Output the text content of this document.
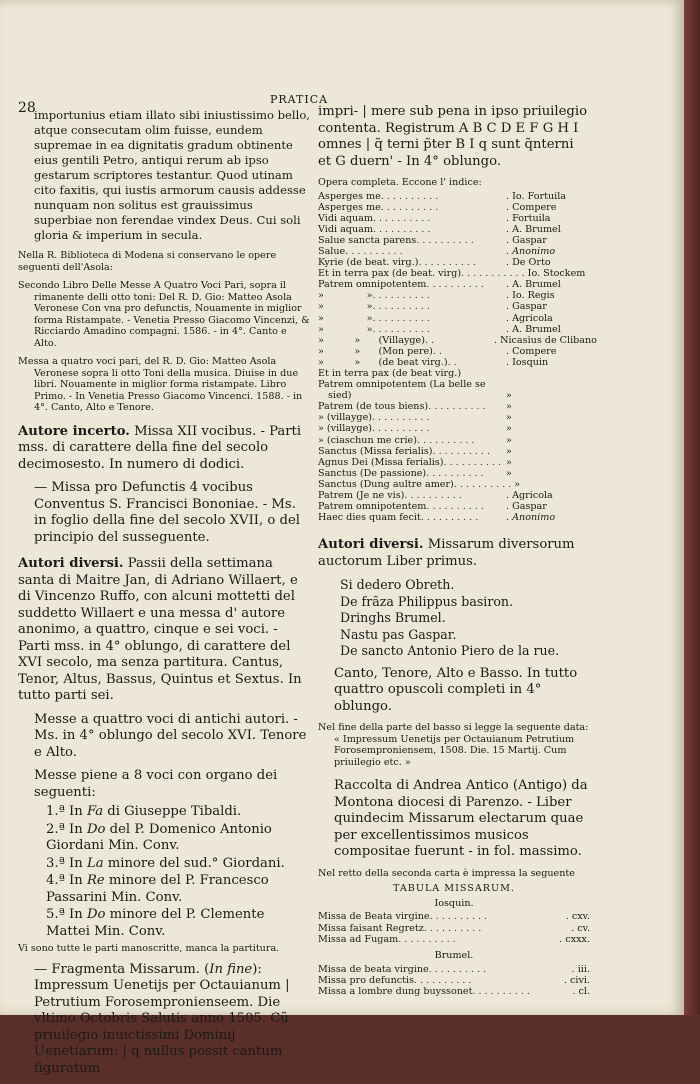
28
PRATICA

importunius etiam illato sibi iniustissimo bello, atque consecutam olim fuisse, eundem supremae in ea dignitatis gradum obtinente eius gentili Petro, antiqui rerum ab ipso gestarum scriptores testantur. Quod utinam cito faxitis, qui iustis armorum causis addesse nunquam non solitus est grauissimus superbiae non ferendae vindex Deus. Cui soli gloria & imperium in secula.

Nella R. Biblioteca di Modena si conservano le opere seguenti dell'Asola:

Secondo Libro Delle Messe A Quatro Voci Pari, sopra il rimanente delli otto toni: Del R. D. Gio: Matteo Asola Veronese Con vna pro defunctis, Nouamente in miglior forma Ristampate. - Venetia Presso Giacomo Vincenzi, & Ricciardo Amadino compagni. 1586. - in 4°. Canto e Alto.

Messa a quatro voci pari, del R. D. Gio: Matteo Asola Veronese sopra li otto Toni della musica. Diuise in due libri. Nouamente in miglior forma ristampate. Libro Primo. - In Venetia Presso Giacomo Vincenci. 1588. - in 4°. Canto, Alto e Tenore.

Autore incerto. Missa XII vocibus. - Parti mss. di carattere della fine del secolo decimosesto. In numero di dodici.

— Missa pro Defunctis 4 vocibus Conventus S. Francisci Bononiae. - Ms. in foglio della fine del secolo XVII, o del principio del susseguente.

Autori diversi. Passii della settimana santa di Maitre Jan, di Adriano Willaert, e di Vincenzo Ruffo, con alcuni mottetti del suddetto Willaert e una messa d' autore anonimo, a quattro, cinque e sei voci. - Parti mss. in 4° oblungo, di carattere del XVI secolo, ma senza partitura. Cantus, Tenor, Altus, Bassus, Quintus et Sextus. In tutto parti sei.

Messe a quattro voci di antichi autori. - Ms. in 4° oblungo del secolo XVI. Tenore e Alto.

Messe piene a 8 voci con organo dei seguenti:

1.ª In Fa di Giuseppe Tibaldi.
2.ª In Do del P. Domenico Antonio Giordani Min. Conv.
3.ª In La minore del sud.° Giordani.
4.ª In Re minore del P. Francesco Passarini Min. Conv.
5.ª In Do minore del P. Clemente Mattei Min. Conv.

Vi sono tutte le parti manoscritte, manca la partitura.

— Fragmenta Missarum. (In fine): Impressum Uenetijs per Octauianum | Petrutium Forosempronienseem. Die vltimo Octobris Salutis anno 1505. Cũ priuilegio inuictissimi Dominij Uenetiarum: | q nullus possit cantum figuratum

impri- | mere sub pena in ipso priuilegio contenta. Registrum A B C D E F G H I omnes | q̃ terni p̃ter B I q sunt q̃nterni et G duern' - In 4° oblungo.

Opera completa. Eccone l' indice:

Asperges me ..........	. Io. Fortuila
Asperges me ..........	. Compere
Vidi aquam ..........	. Fortuila
Vidi aquam ..........	. A. Brumel
Salue sancta parens ..........	. Gaspar
Salue ..........	. Anonimo
Kyrie (de beat. virg.) ..........	. De Orto
Et in terra pax (de beat. virg) .......... . Io. Stockem
Patrem omnipotentem ..........	. A. Brumel
»              » ..........	. Io. Regis
»              » ..........	. Gaspar
»              » ..........	. Agricola
»              » ..........	. A. Brumel
»          »      (Villayge) ..	. Nicasius de Clibano
»          »      (Mon pere) ..	. Compere
»          »      (de beat virg.) ..	. Iosquin
Et in terra pax (de beat virg.)
Patrem omnipotentem (La belle se sied)	»
Patrem (de tous biens) ..........	»
» (villayge) ..........	»
» (villayge) ..........	»
» (ciaschun me crie) ..........	»
Sanctus (Missa ferialis) ..........	»
Agnus Dei (Missa ferialis) .......... »
Sanctus (De passione) ..........	»
Sanctus (Dung aultre amer) .......... »
Patrem (Je ne vis) ..........	. Agricola
Patrem omnipotentem ..........	. Gaspar
Haec dies quam fecit ..........	. Anonimo

Autori diversi. Missarum diversorum auctorum Liber primus.

Si dedero Obreth.
De frãza Philippus basiron.
Dringhs Brumel.
Nastu pas Gaspar.
De sancto Antonio Piero de la rue.

Canto, Tenore, Alto e Basso. In tutto quattro opuscoli completi in 4° oblungo.

Nel fine della parte del basso si legge la seguente data: « Impressum Uenetijs per Octauianum Petrutium Forosemproniensem, 1508. Die. 15 Martij. Cum priuilegio etc. »

Raccolta di Andrea Antico (Antigo) da Montona diocesi di Parenzo. - Liber quindecim Missarum electarum quae per excellentissimos musicos compositae fuerunt - in fol. massimo.

Nel retto della seconda carta è impressa la seguente

TABULA MISSARUM.
Iosquin.
Missa de Beata virgine ..........	. cxv.
Missa faisant Regretz ..........	. cv.
Missa ad Fugam ..........	. cxxx.
Brumel.
Missa de beata virgine ..........	. iii.
Missa pro defunctis ..........	. civi.
Missa a lombre dung buyssonet ..........	. cl.
